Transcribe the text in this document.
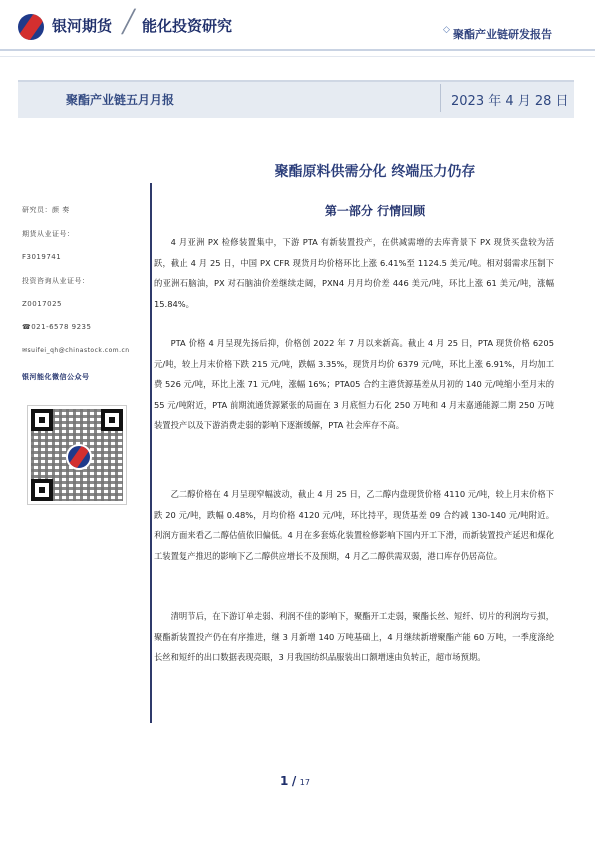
银河期货 ╱ 能化投资研究	◇ 聚酯产业链研发报告
聚酯产业链五月月报	2023 年 4 月 28 日
研究员：颜 奏
期货从业证号：
F3019741
投资咨询从业证号：
Z0017025
☎021-6578 9235
✉suifei_qh@chinastock.com.cn
银河能化微信公众号
聚酯原料供需分化 终端压力仍存
第一部分 行情回顾
4 月亚洲 PX 检修装置集中，下游 PTA 有新装置投产，在供减需增的去库背景下 PX 现货买盘较为活跃，截止 4 月 25 日，中国 PX CFR 现货月均价格环比上涨 6.41%至 1124.5 美元/吨。相对弱需求压制下的亚洲石脑油，PX 对石脑油价差继续走阔，PXN4 月月均价差 446 美元/吨，环比上涨 61 美元/吨，涨幅 15.84%。
PTA 价格 4 月呈现先扬后抑，价格创 2022 年 7 月以来新高。截止 4 月 25 日，PTA 现货价格 6205 元/吨，较上月末价格下跌 215 元/吨，跌幅 3.35%，现货月均价 6379 元/吨，环比上涨 6.91%，月均加工费 526 元/吨，环比上涨 71 元/吨，涨幅 16%；PTA05 合约主港货源基差从月初的 140 元/吨缩小至月末的 55 元/吨附近，PTA 前期流通货源紧张的局面在 3 月底恒力石化 250 万吨和 4 月末嘉通能源二期 250 万吨装置投产以及下游消费走弱的影响下逐渐缓解，PTA 社会库存不高。
乙二醇价格在 4 月呈现窄幅波动，截止 4 月 25 日，乙二醇内盘现货价格 4110 元/吨，较上月末价格下跌 20 元/吨，跌幅 0.48%，月均价格 4120 元/吨，环比持平，现货基差 09 合约减 130-140 元/吨附近。利润方面来看乙二醇估值依旧偏低。4 月在多套炼化装置检修影响下国内开工下滑，而新装置投产延迟和煤化工装置复产推迟的影响下乙二醇供应增长不及预期，4 月乙二醇供需双弱，港口库存仍居高位。
清明节后，在下游订单走弱、利润不佳的影响下，聚酯开工走弱，聚酯长丝、短纤、切片的利润均亏损，聚酯新装置投产仍在有序推进，继 3 月新增 140 万吨基础上，4 月继续新增聚酯产能 60 万吨，一季度涤纶长丝和短纤的出口数据表现亮眼，3 月我国纺织品服装出口额增速由负转正，超市场预期。
1 / 17
